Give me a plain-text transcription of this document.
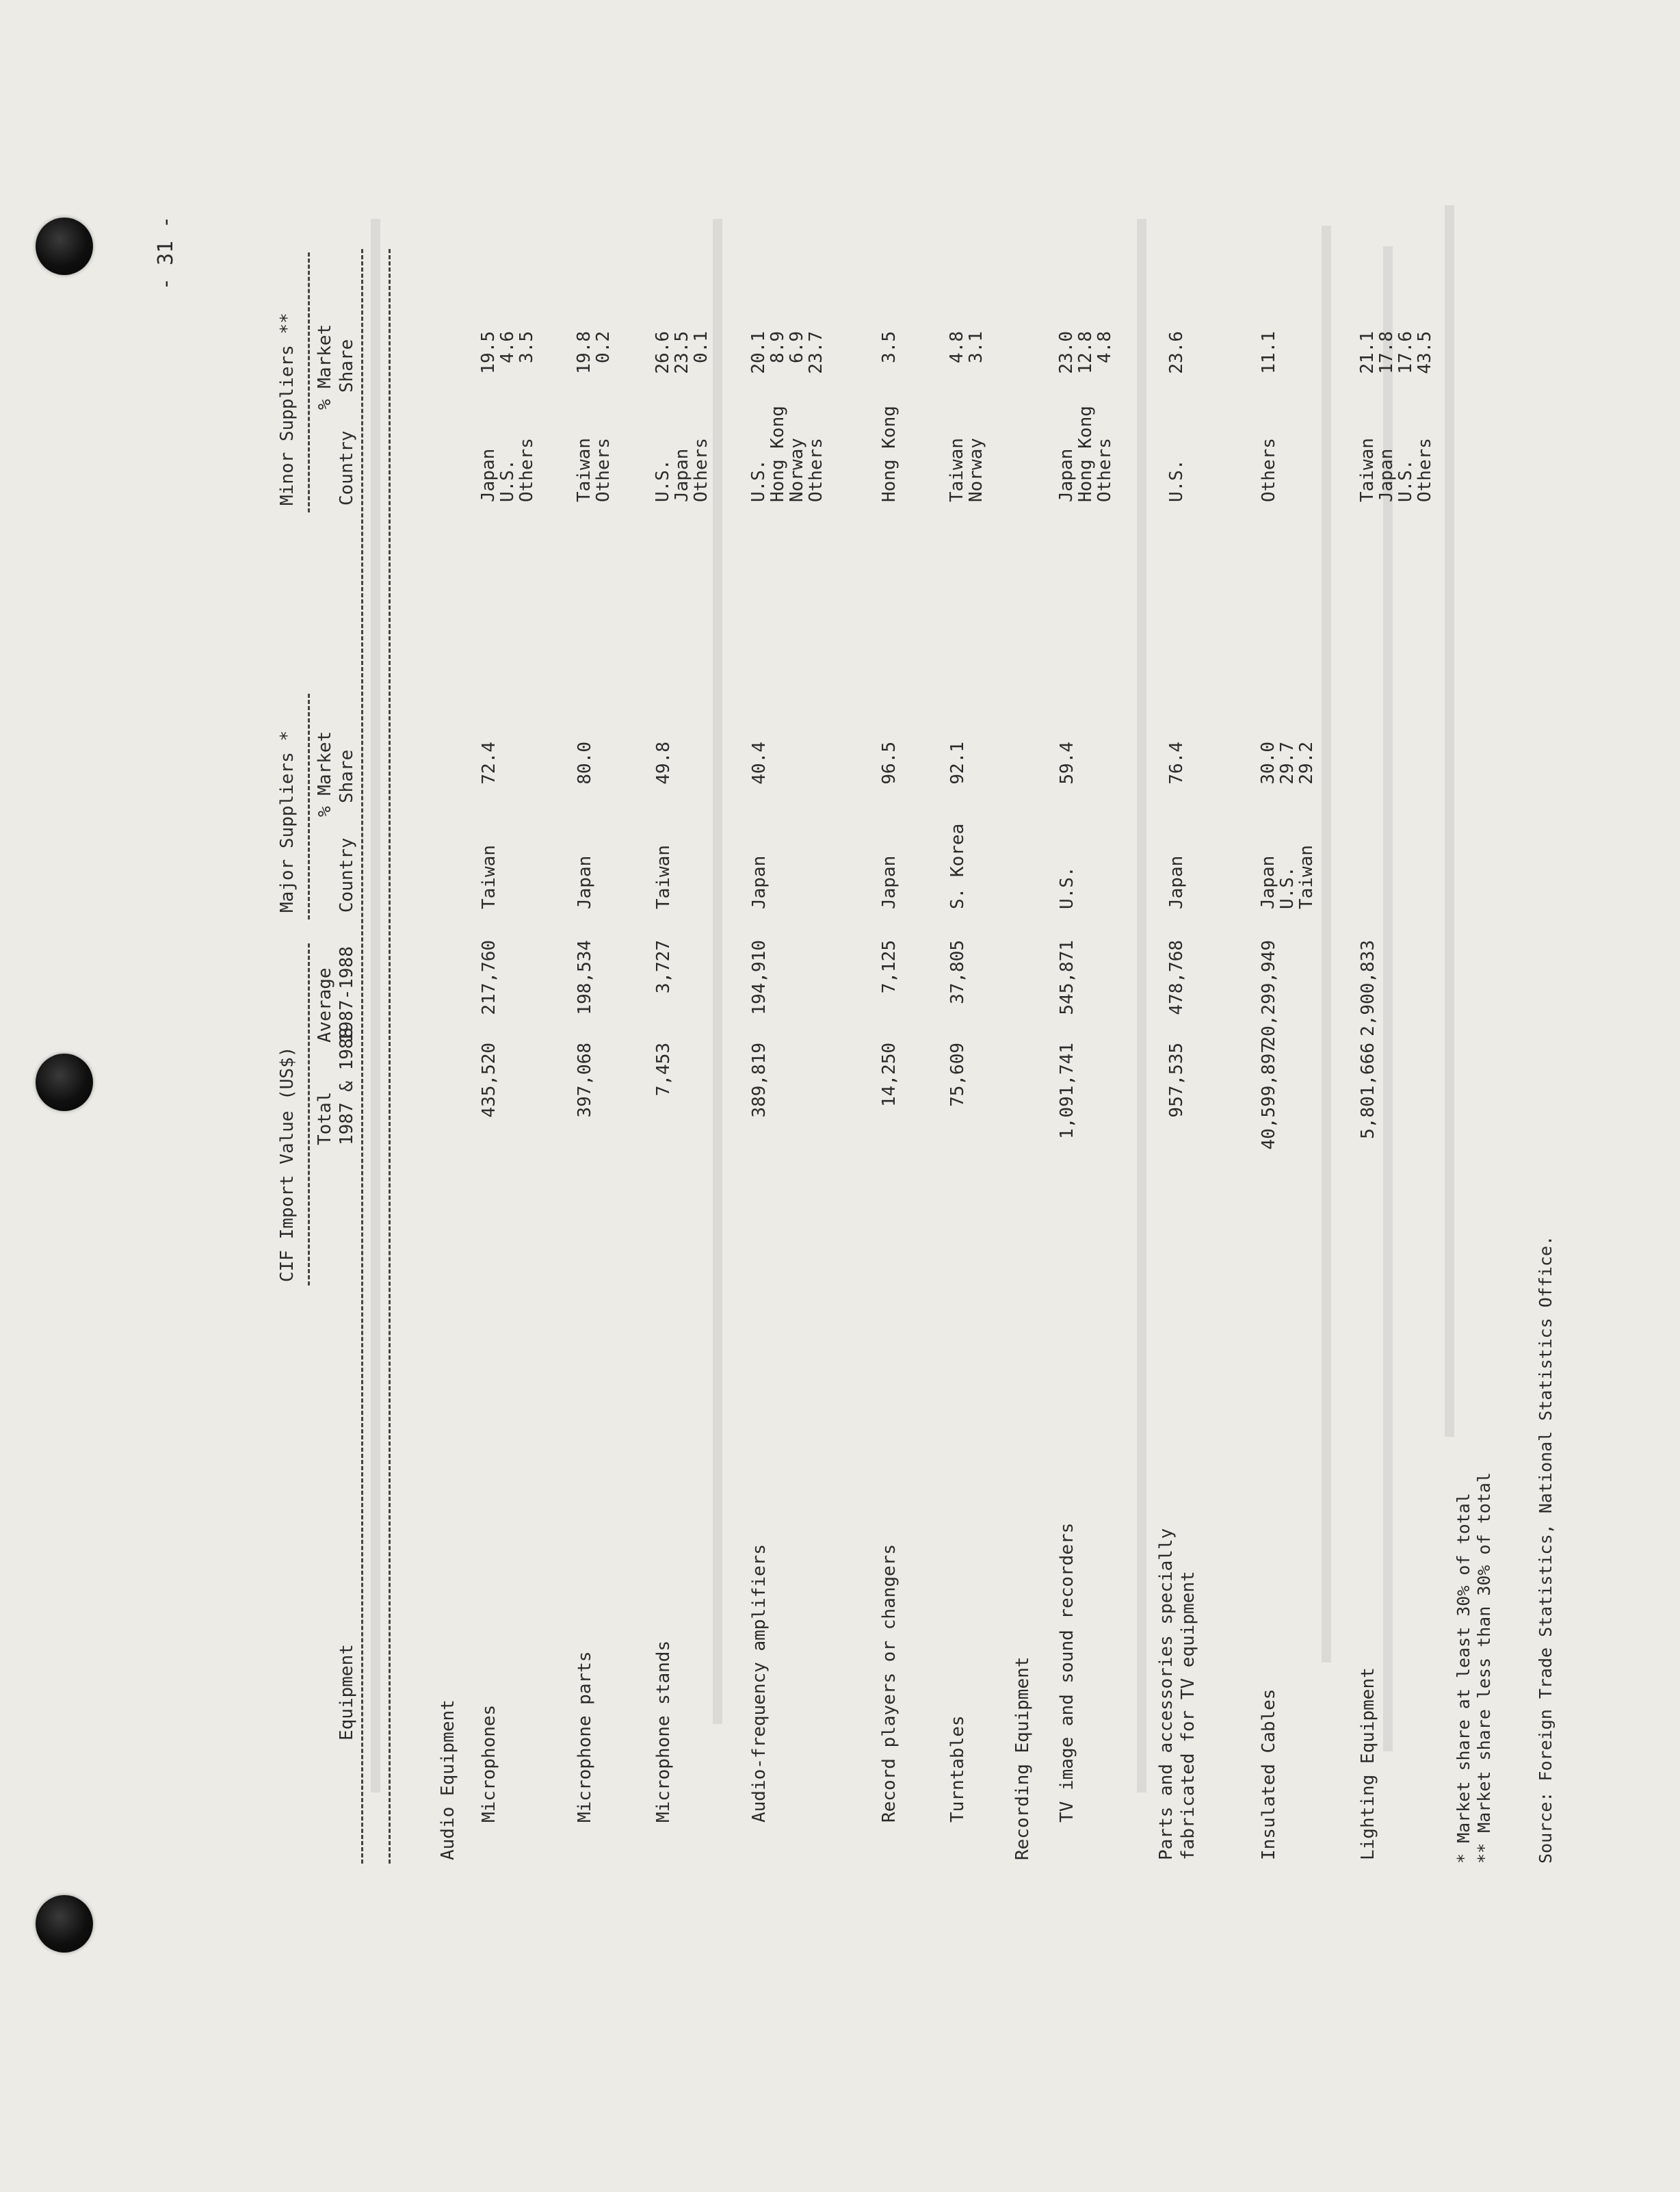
- 31 -
CIF Import Value (US$)
Major Suppliers *
Minor Suppliers **
Total 1987 & 1988
Average 1987-1988
Country
% Market Share
Country
% Market Share
Equipment
Audio Equipment Microphones
435,520
217,760
Taiwan
72.4
Japan
U.S.
Others
19.5
4.6
3.5
Microphone parts
397,068
198,534
Japan
80.0
Taiwan
Others
19.8
0.2
Microphone stands
7,453
3,727
Taiwan
49.8
U.S.
Japan
Others
26.6
23.5
0.1
Audio-frequency amplifiers
389,819
194,910
Japan
40.4
U.S.
Hong Kong
Norway
Others
20.1
8.9
6.9
23.7
Record players or changers
14,250
7,125
Japan
96.5
Hong Kong
3.5
Turntables
75,609
37,805
S. Korea
92.1
Taiwan
Norway
4.8
3.1
Recording Equipment TV image and sound recorders
1,091,741
545,871
U.S.
59.4
Japan
Hong Kong
Others
23.0
12.8
4.8
Parts and accessories specially fabricated for TV equipment
957,535
478,768
Japan
76.4
U.S.
23.6
Insulated Cables
40,599,897
20,299,949
Japan
U.S.
Taiwan
30.0
29.7
29.2
Others
11.1
Lighting Equipment
5,801,666
2,900,833
Taiwan
Japan
U.S.
Others
21.1
17.8
17.6
43.5
* Market share at least 30% of total ** Market share less than 30% of total Source: Foreign Trade Statistics, National Statistics Office.
